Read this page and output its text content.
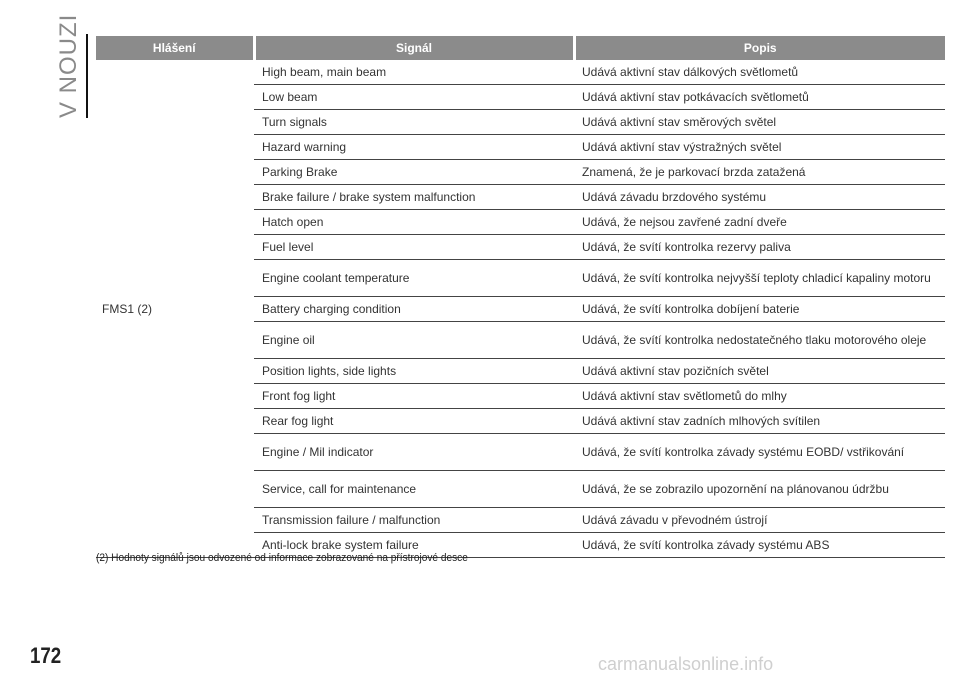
V NOUZI	Hlášení	Signál	Popis
FMS1 (2)	High beam, main beam	Udává aktivní stav dálkových světlometů
	Low beam	Udává aktivní stav potkávacích světlometů
	Turn signals	Udává aktivní stav směrových světel
	Hazard warning	Udává aktivní stav výstražných světel
	Parking Brake	Znamená, že je parkovací brzda zatažená
	Brake failure / brake system malfunction	Udává závadu brzdového systému
	Hatch open	Udává, že nejsou zavřené zadní dveře
	Fuel level	Udává, že svítí kontrolka rezervy paliva
	Engine coolant temperature	Udává, že svítí kontrolka nejvyšší teploty chladicí kapaliny motoru
	Battery charging condition	Udává, že svítí kontrolka dobíjení baterie
	Engine oil	Udává, že svítí kontrolka nedostatečného tlaku motorového oleje
	Position lights, side lights	Udává aktivní stav pozičních světel
	Front fog light	Udává aktivní stav světlometů do mlhy
	Rear fog light	Udává aktivní stav zadních mlhových svítilen
	Engine / Mil indicator	Udává, že svítí kontrolka závady systému EOBD/ vstřikování
	Service, call for maintenance	Udává, že se zobrazilo upozornění na plánovanou údržbu
	Transmission failure / malfunction	Udává závadu v převodném ústrojí
	Anti-lock brake system failure	Udává, že svítí kontrolka závady systému ABS
(2) Hodnoty signálů jsou odvozené od informace zobrazované na přístrojové desce
172	carmanualsonline.info
